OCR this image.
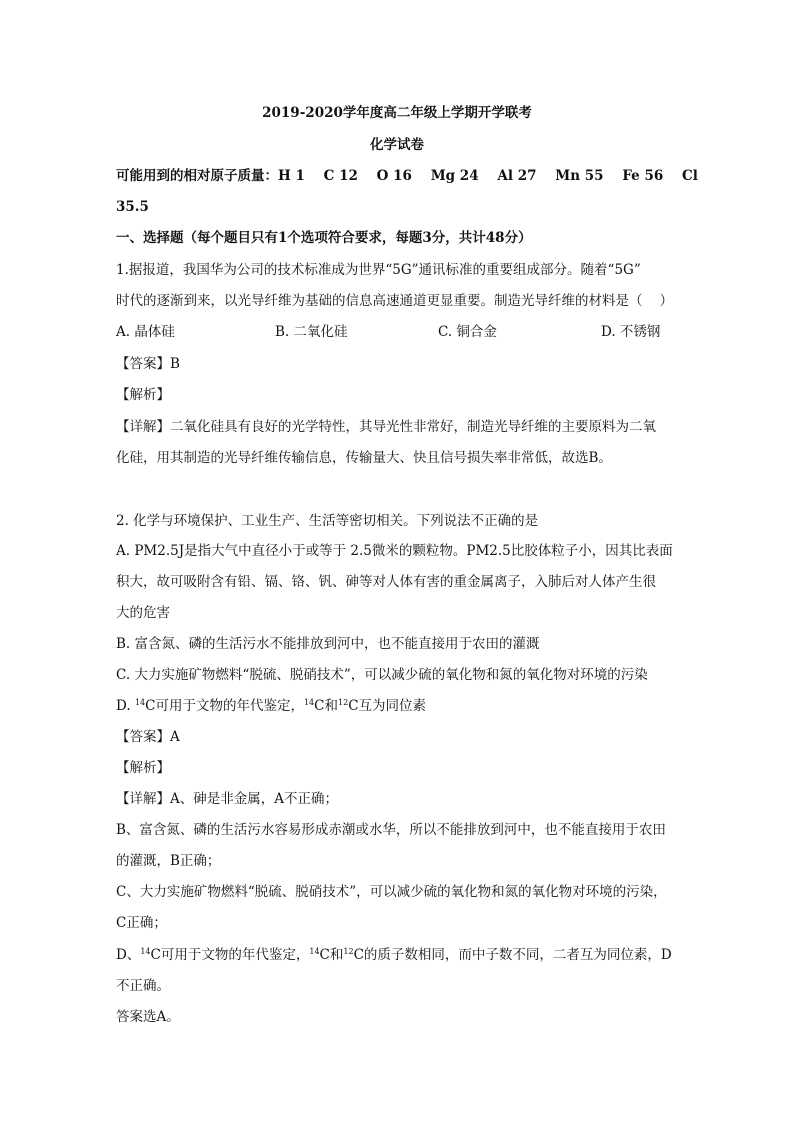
2019-2020学年度高二年级上学期开学联考
化学试卷
可能用到的相对原子质量：H 1    C 12    O 16    Mg 24    Al 27    Mn 55    Fe 56    Cl
35.5
一、选择题（每个题目只有1个选项符合要求，每题3分，共计48分）
1.据报道，我国华为公司的技术标准成为世界“5G”通讯标准的重要组成部分。随着“5G”
时代的逐渐到来，以光导纤维为基础的信息高速通道更显重要。制造光导纤维的材料是（    ）
A. 晶体硅	B. 二氧化硅	C. 铜合金	D. 不锈钢
【答案】B
【解析】
【详解】二氧化硅具有良好的光学特性，其导光性非常好，制造光导纤维的主要原料为二氧
化硅，用其制造的光导纤维传输信息，传输量大、快且信号损失率非常低，故选B。
2. 化学与环境保护、工业生产、生活等密切相关。下列说法不正确的是
A. PM2.5J是指大气中直径小于或等于 2.5微米的颗粒物。PM2.5比胶体粒子小，因其比表面
积大，故可吸附含有铅、镉、铬、钒、砷等对人体有害的重金属离子，入肺后对人体产生很
大的危害
B. 富含氮、磷的生活污水不能排放到河中，也不能直接用于农田的灌溉
C. 大力实施矿物燃料“脱硫、脱硝技术”，可以减少硫的氧化物和氮的氧化物对环境的污染
D. $^{14}$C可用于文物的年代鉴定，$^{14}$C和$^{12}$C互为同位素
【答案】A
【解析】
【详解】A、砷是非金属，A不正确；
B、富含氮、磷的生活污水容易形成赤潮或水华，所以不能排放到河中，也不能直接用于农田
的灌溉，B正确；
C、大力实施矿物燃料“脱硫、脱硝技术”，可以减少硫的氧化物和氮的氧化物对环境的污染，
C正确；
D、$^{14}$C可用于文物的年代鉴定，$^{14}$C和$^{12}$C的质子数相同，而中子数不同，二者互为同位素，D
不正确。
答案选A。
